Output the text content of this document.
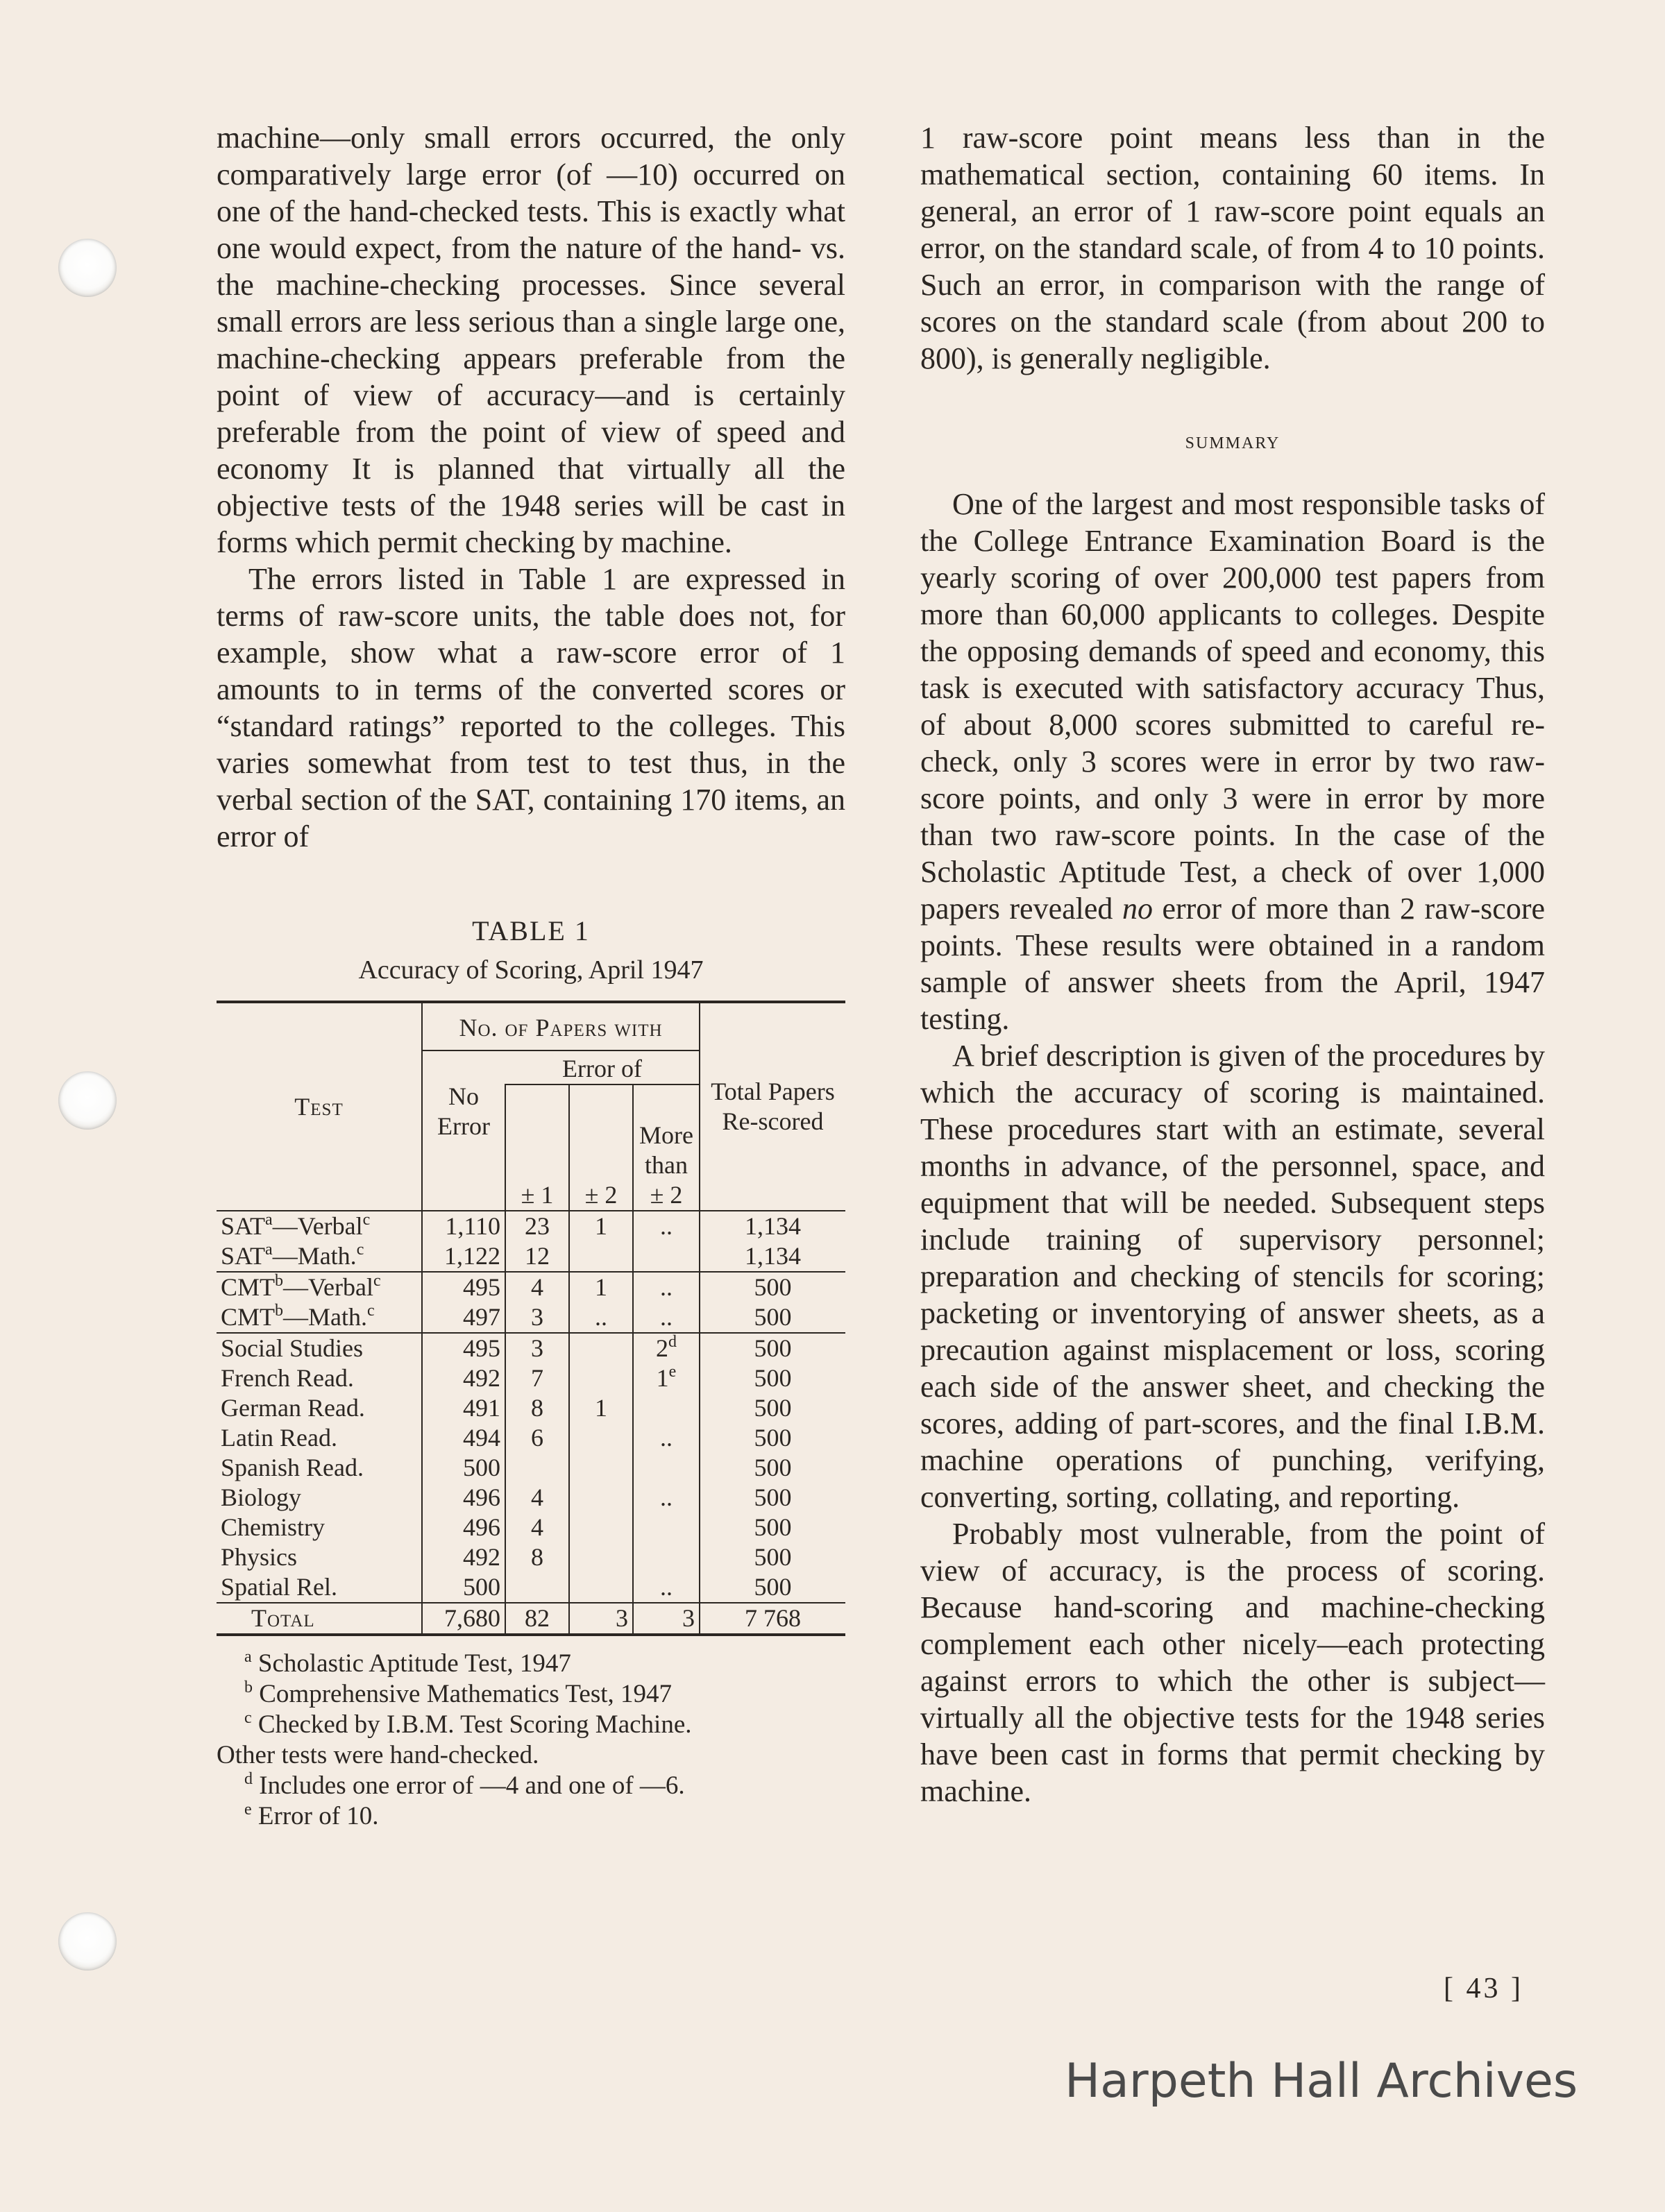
machine—only small errors occurred, the only comparatively large error (of —10) occurred on one of the hand-checked tests. This is exactly what one would expect, from the nature of the hand- vs. the machine-checking processes. Since several small errors are less serious than a single large one, machine-checking appears preferable from the point of view of accuracy—and is certainly preferable from the point of view of speed and economy It is planned that virtually all the objective tests of the 1948 series will be cast in forms which permit checking by machine.

The errors listed in Table 1 are expressed in terms of raw-score units, the table does not, for example, show what a raw-score error of 1 amounts to in terms of the converted scores or “standard ratings” reported to the colleges. This varies somewhat from test to test thus, in the verbal section of the SAT, containing 170 items, an error of

TABLE 1
Accuracy of Scoring, April 1947
Test	No. of Papers with				Total Papers Re-scored
	No Error	Error of			
		± 1	± 2	More than ± 2	
SAT$^a$—Verbal$^c$	1,110	23	1	..	1,134
SAT$^a$—Math.$^c$	1,122	12			1,134
CMT$^b$—Verbal$^c$	495	4	1	..	500
CMT$^b$—Math.$^c$	497	3	..	..	500
Social Studies	495	3		2$^d$	500
French Read.	492	7		1e	500
German Read.	491	8	1		500
Latin Read.	494	6		..	500
Spanish Read.	500				500
Biology	496	4		..	500
Chemistry	496	4			500
Physics	492	8			500
Spatial Rel.	500			..	500
Total	7,680	82	3	3	7 768
$^a$ Scholastic Aptitude Test, 1947
$^b$ Comprehensive Mathematics Test, 1947
$^c$ Checked by I.B.M. Test Scoring Machine.
Other tests were hand-checked.
$^d$ Includes one error of —4 and one of —6.
$^e$ Error of 10.

1 raw-score point means less than in the mathematical section, containing 60 items. In general, an error of 1 raw-score point equals an error, on the standard scale, of from 4 to 10 points. Such an error, in comparison with the range of scores on the standard scale (from about 200 to 800), is generally negligible.

summary

One of the largest and most responsible tasks of the College Entrance Examination Board is the yearly scoring of over 200,000 test papers from more than 60,000 applicants to colleges. Despite the opposing demands of speed and economy, this task is executed with satisfactory accuracy Thus, of about 8,000 scores submitted to careful re-check, only 3 scores were in error by two raw-score points, and only 3 were in error by more than two raw-score points. In the case of the Scholastic Aptitude Test, a check of over 1,000 papers revealed no error of more than 2 raw-score points. These results were obtained in a random sample of answer sheets from the April, 1947 testing.

A brief description is given of the procedures by which the accuracy of scoring is maintained. These procedures start with an estimate, several months in advance, of the personnel, space, and equipment that will be needed. Subsequent steps include training of supervisory personnel; preparation and checking of stencils for scoring; packeting or inventorying of answer sheets, as a precaution against misplacement or loss, scoring each side of the answer sheet, and checking the scores, adding of part-scores, and the final I.B.M. machine operations of punching, verifying, converting, sorting, collating, and reporting.

Probably most vulnerable, from the point of view of accuracy, is the process of scoring. Because hand-scoring and machine-checking complement each other nicely—each protecting against errors to which the other is subject—virtually all the objective tests for the 1948 series have been cast in forms that permit checking by machine.

[ 43 ]
Harpeth Hall Archives
